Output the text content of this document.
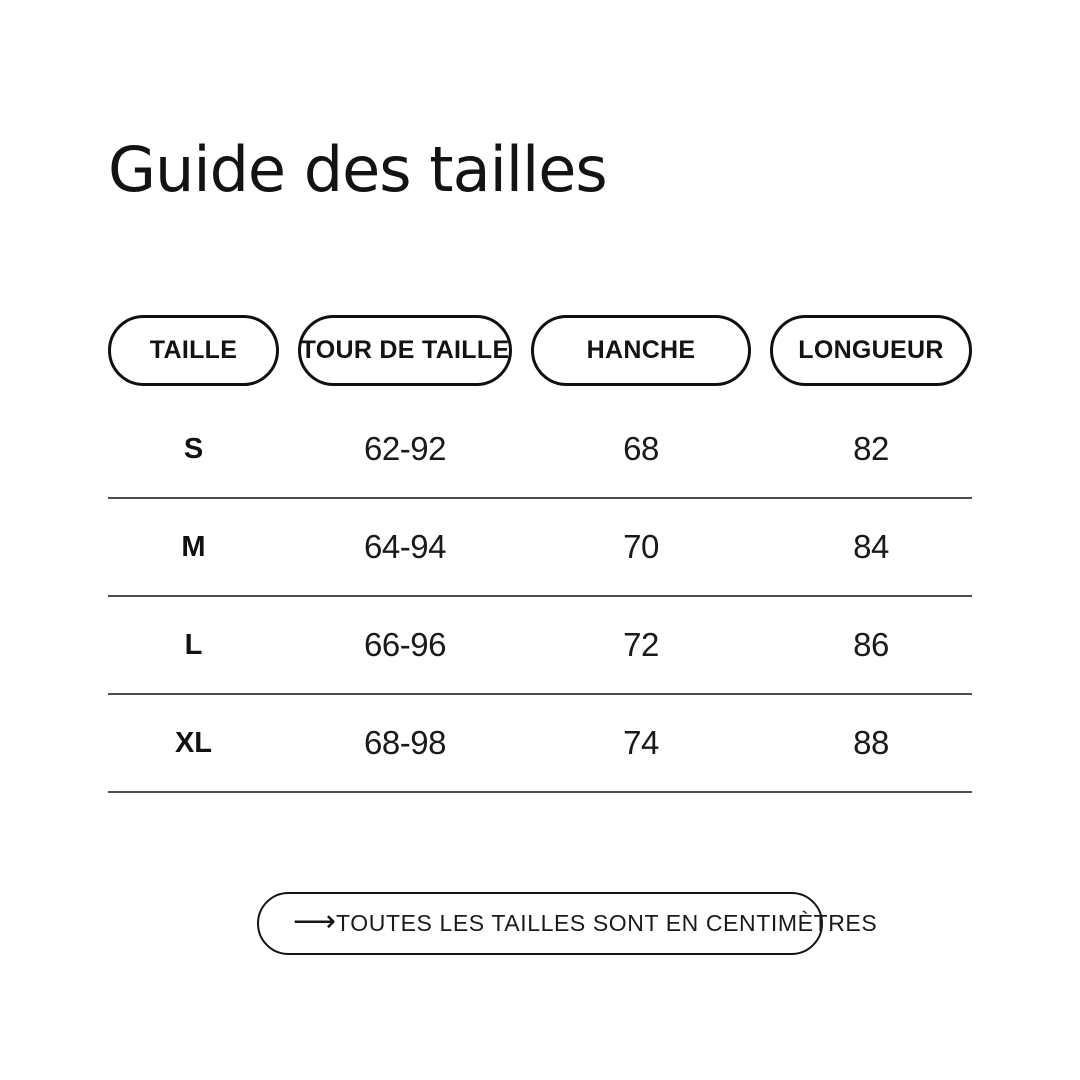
Guide des tailles
TAILLE	TOUR DE TAILLE	HANCHE	LONGUEUR
S	62-92	68	82
M	64-94	70	84
L	66-96	72	86
XL	68-98	74	88
⟶ TOUTES LES TAILLES SONT EN CENTIMÈTRES
